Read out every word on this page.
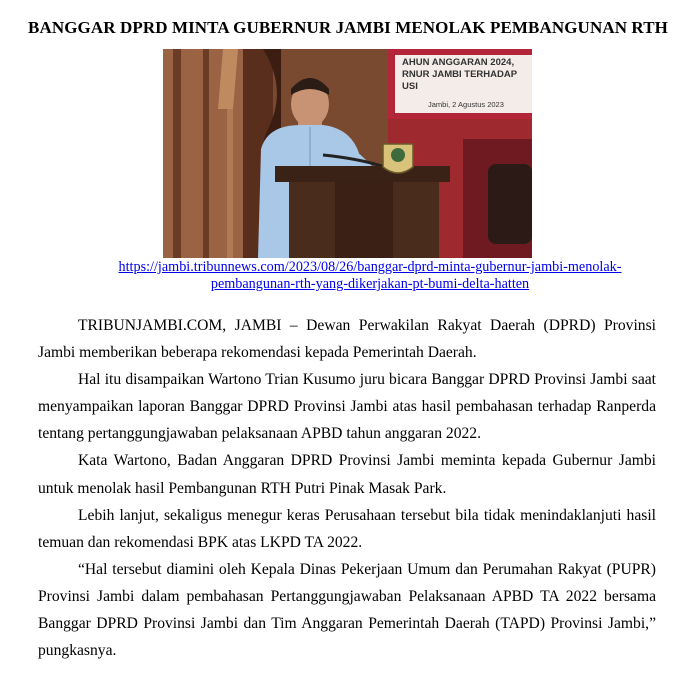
BANGGAR DPRD MINTA GUBERNUR JAMBI MENOLAK PEMBANGUNAN RTH
AHUN ANGGARAN 2024,
RNUR JAMBI TERHADAP
USI
Jambi, 2 Agustus 2023
https://jambi.tribunnews.com/2023/08/26/banggar-dprd-minta-gubernur-jambi-menolak-
pembangunan-rth-yang-dikerjakan-pt-bumi-delta-hatten

TRIBUNJAMBI.COM, JAMBI – Dewan Perwakilan Rakyat Daerah (DPRD) Provinsi Jambi memberikan beberapa rekomendasi kepada Pemerintah Daerah.

Hal itu disampaikan Wartono Trian Kusumo juru bicara Banggar DPRD Provinsi Jambi saat menyampaikan laporan Banggar DPRD Provinsi Jambi atas hasil pembahasan terhadap Ranperda tentang pertanggungjawaban pelaksanaan APBD tahun anggaran 2022.

Kata Wartono, Badan Anggaran DPRD Provinsi Jambi meminta kepada Gubernur Jambi untuk menolak hasil Pembangunan RTH Putri Pinak Masak Park.

Lebih lanjut, sekaligus menegur keras Perusahaan tersebut bila tidak menindaklanjuti hasil temuan dan rekomendasi BPK atas LKPD TA 2022.

“Hal tersebut diamini oleh Kepala Dinas Pekerjaan Umum dan Perumahan Rakyat (PUPR) Provinsi Jambi dalam pembahasan Pertanggungjawaban Pelaksanaan APBD TA 2022 bersama Banggar DPRD Provinsi Jambi dan Tim Anggaran Pemerintah Daerah (TAPD) Provinsi Jambi,” pungkasnya.
